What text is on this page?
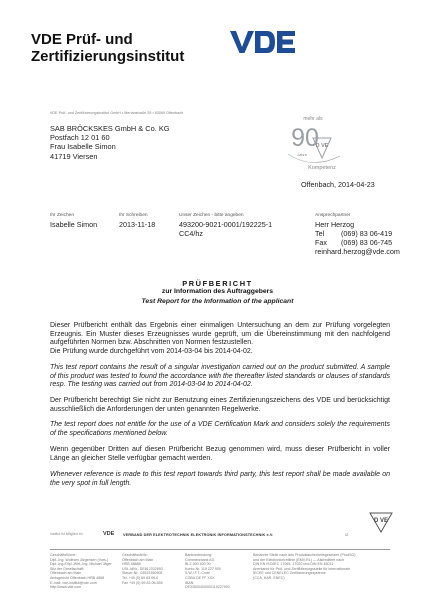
VDE Prüf- und
Zertifizierungsinstitut
VDE
VDE Prüf- und Zertifizierungsinstitut GmbH • Merianstraße 28 • 63069 Offenbach
SAB BRÖCKSKES GmbH & Co. KG
Postfach 12 01 60
Frau Isabelle Simon
41719 Viersen
mehr als
90
Jahre
D VE
Kompetenz
Offenbach, 2014-04-23
Ihr Zeichen
Isabelle Simon
Ihr Schreiben
2013-11-18
Unser Zeichen - bitte angeben
493200-9021-0001/192225-1
CC4/hz
Ansprechpartner
Herr Herzog
Tel (069) 83 06-419
Fax (069) 83 06-745
reinhard.herzog@vde.com
PRÜFBERICHT
zur Information des Auftraggebers
Test Report for the Information of the applicant
Dieser Prüfbericht enthält das Ergebnis einer einmaligen Untersuchung an dem zur Prüfung vorgelegten Erzeugnis. Ein Muster dieses Erzeugnisses wurde geprüft, um die Übereinstimmung mit den nachfolgend aufgeführten Normen bzw. Abschnitten von Normen festzustellen.
Die Prüfung wurde durchgeführt vom 2014-03-04 bis 2014-04-02.
This test report contains the result of a singular investigation carried out on the product submitted. A sample of this product was tested to found the accordance with the thereafter listed standards or clauses of standards resp. The testing was carried out from 2014-03-04 to 2014-04-02.
Der Prüfbericht berechtigt Sie nicht zur Benutzung eines Zertifizierungszeichens des VDE und berücksichtigt ausschließlich die Anforderungen der unten genannten Regelwerke.
The test report does not entitle for the use of a VDE Certification Mark and considers solely the requirements of the specifications mentioned below.
Wenn gegenüber Dritten auf diesen Prüfbericht Bezug genommen wird, muss dieser Prüfbericht in voller Länge an gleicher Stelle verfügbar gemacht werden.
Whenever reference is made to this test report towards third party, this test report shall be made available on the very spot in full length.
D VE
Institut ist Mitglied im	VDE VERBAND DER ELEKTROTECHNIK ELEKTRONIK INFORMATIONSTECHNIK e.V.	/2
Geschäftsführer:
Dipl.-Ing. Wolfram Jörgensen (Vors.)
Dipl.-Ing./Dipl.-Wirt.-Ing. Michael Jäger
Sitz der Gesellschaft:
Offenbach am Main
Amtsgericht Offenbach HRB 4888
E-mail: vde-institut@vde.com
http://www.vde.com
Geschäftsstelle:
Offenbach am Main
HRB 48888
USt.-IdNr.: DE812332893
Steuer-Nr.: 03522350905
Tel. +49 (0) 69 83 06-0
Fax +49 (0) 69 83 06-555
Bankverbindung:
Commerzbank AG
BLZ 500 400 00
Konto-Nr. 119 227 900
S.W.I.F.T.-Code
COBA DE FF XXX
IBAN
DE33500400000119227900
Benannte Stelle nach den Produktsicherheitsgesetzen (ProdSG)
und der Elektronikrichtlinie (EMV-RL) — Akkreditiert nach
DIN EN ISO/IEC 17065, 17020 und DIN EN 45011
Anerkannt für Prüf- und Zertifizierungsstelle für internationale
IECEE und CENELEC Zertifizierungssysteme
(CCA, HAR, ENEC)
